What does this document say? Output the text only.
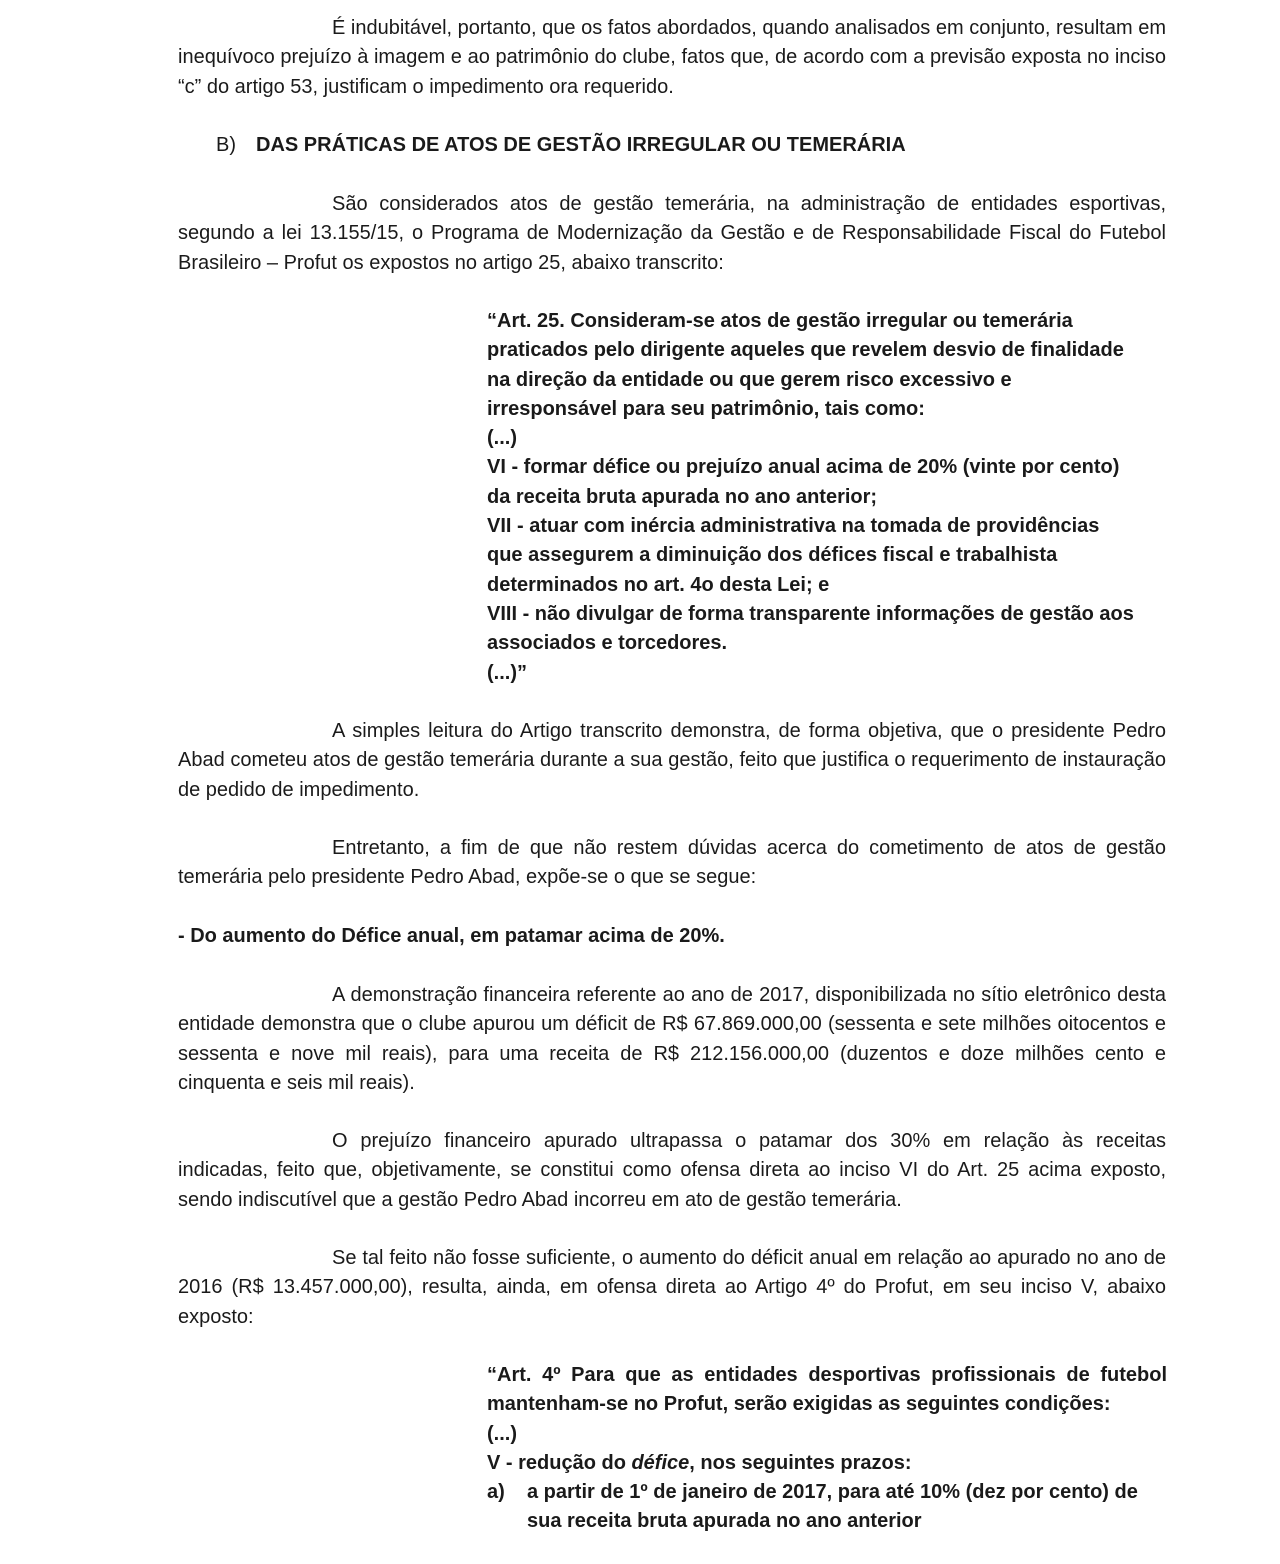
É indubitável, portanto, que os fatos abordados, quando analisados em conjunto, resultam em inequívoco prejuízo à imagem e ao patrimônio do clube, fatos que, de acordo com a previsão exposta no inciso “c” do artigo 53, justificam o impedimento ora requerido.

B) DAS PRÁTICAS DE ATOS DE GESTÃO IRREGULAR OU TEMERÁRIA

São considerados atos de gestão temerária, na administração de entidades esportivas, segundo a lei 13.155/15, o Programa de Modernização da Gestão e de Responsabilidade Fiscal do Futebol Brasileiro – Profut os expostos no artigo 25, abaixo transcrito:

“Art. 25. Consideram-se atos de gestão irregular ou temerária
praticados pelo dirigente aqueles que revelem desvio de finalidade
na direção da entidade ou que gerem risco excessivo e
irresponsável para seu patrimônio, tais como:
(...)
VI - formar défice ou prejuízo anual acima de 20% (vinte por cento)
da receita bruta apurada no ano anterior;
VII - atuar com inércia administrativa na tomada de providências
que assegurem a diminuição dos défices fiscal e trabalhista
determinados no art. 4o desta Lei; e
VIII - não divulgar de forma transparente informações de gestão aos
associados e torcedores.
(...)”

A simples leitura do Artigo transcrito demonstra, de forma objetiva, que o presidente Pedro Abad cometeu atos de gestão temerária durante a sua gestão, feito que justifica o requerimento de instauração de pedido de impedimento.

Entretanto, a fim de que não restem dúvidas acerca do cometimento de atos de gestão temerária pelo presidente Pedro Abad, expõe-se o que se segue:

- Do aumento do Défice anual, em patamar acima de 20%.

A demonstração financeira referente ao ano de 2017, disponibilizada no sítio eletrônico desta entidade demonstra que o clube apurou um déficit de R$ 67.869.000,00 (sessenta e sete milhões oitocentos e sessenta e nove mil reais), para uma receita de R$ 212.156.000,00 (duzentos e doze milhões cento e cinquenta e seis mil reais).

O prejuízo financeiro apurado ultrapassa o patamar dos 30% em relação às receitas indicadas, feito que, objetivamente, se constitui como ofensa direta ao inciso VI do Art. 25 acima exposto, sendo indiscutível que a gestão Pedro Abad incorreu em ato de gestão temerária.

Se tal feito não fosse suficiente, o aumento do déficit anual em relação ao apurado no ano de 2016 (R$ 13.457.000,00), resulta, ainda, em ofensa direta ao Artigo 4º do Profut, em seu inciso V, abaixo exposto:

“Art. 4º Para que as entidades desportivas profissionais de futebol mantenham-se no Profut, serão exigidas as seguintes condições:
(...)
V - redução do défice, nos seguintes prazos:
a)	a partir de 1º de janeiro de 2017, para até 10% (dez por cento) de sua receita bruta apurada no ano anterior
